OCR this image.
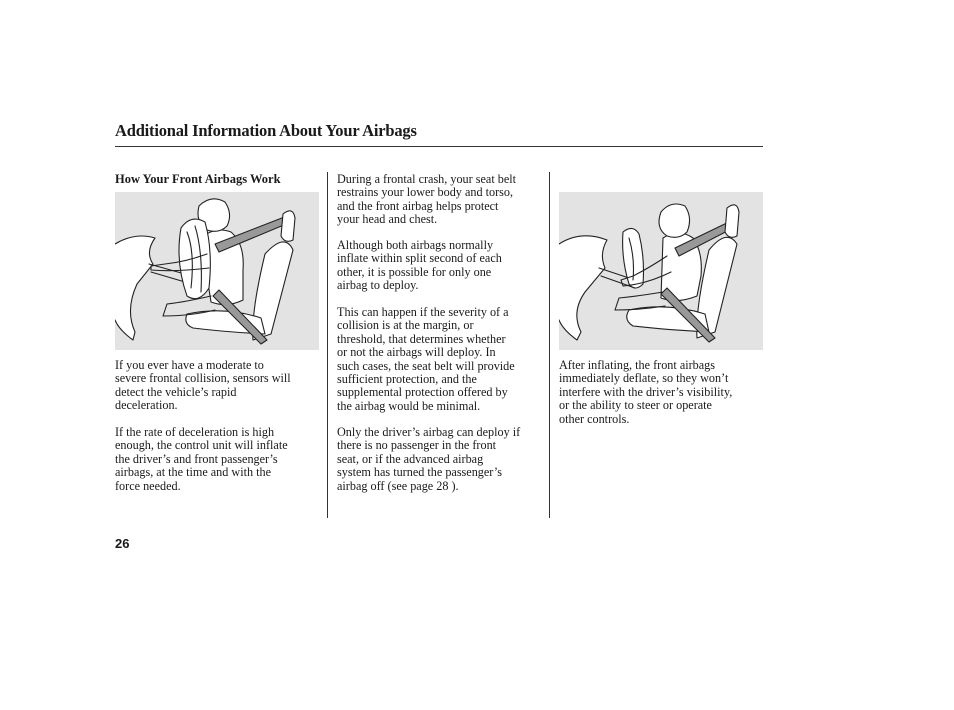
Additional Information About Your Airbags
How Your Front Airbags Work

If you ever have a moderate to
severe frontal collision, sensors will
detect the vehicle’s rapid
deceleration.

If the rate of deceleration is high
enough, the control unit will inflate
the driver’s and front passenger’s
airbags, at the time and with the
force needed.

During a frontal crash, your seat belt
restrains your lower body and torso,
and the front airbag helps protect
your head and chest.

Although both airbags normally
inflate within split second of each
other, it is possible for only one
airbag to deploy.

This can happen if the severity of a
collision is at the margin, or
threshold, that determines whether
or not the airbags will deploy. In
such cases, the seat belt will provide
sufficient protection, and the
supplemental protection offered by
the airbag would be minimal.

Only the driver’s airbag can deploy if
there is no passenger in the front
seat, or if the advanced airbag
system has turned the passenger’s
airbag off (see page 28 ).

After inflating, the front airbags
immediately deflate, so they won’t
interfere with the driver’s visibility,
or the ability to steer or operate
other controls.

26
